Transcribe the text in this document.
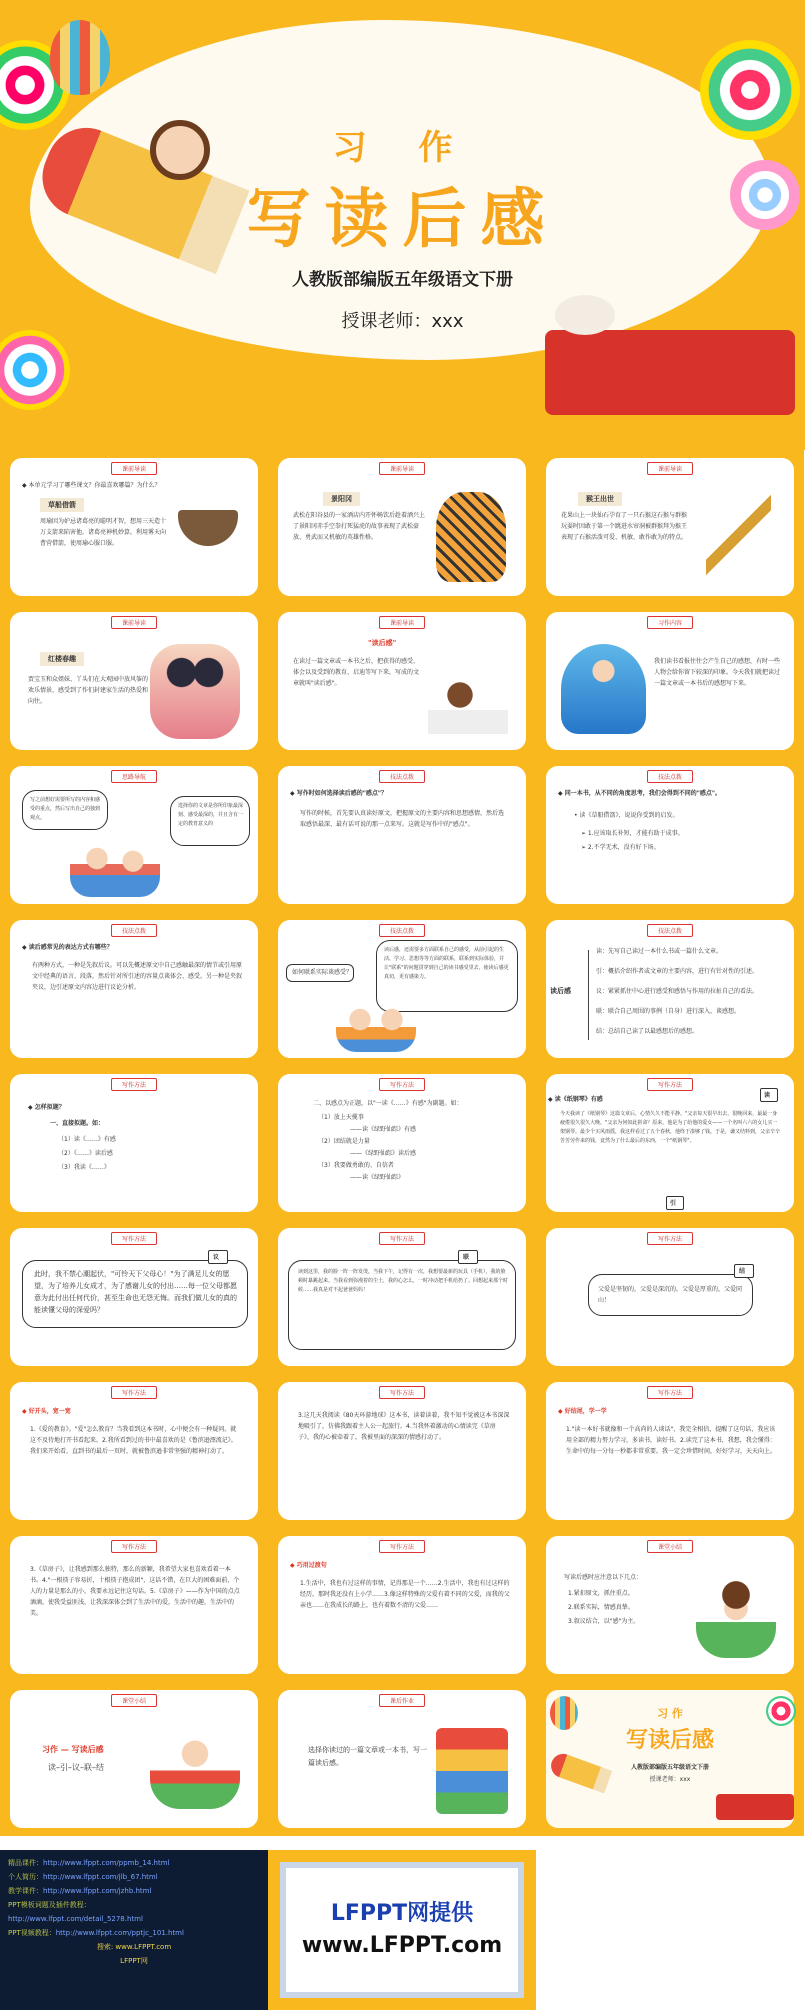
习 作
写读后感
人教版部编版五年级语文下册
授课老师：xxx
课前导读
◆ 本单元学习了哪些课文？你最喜欢哪篇？为什么？
草船借箭
周瑜因为妒忌诸葛亮的聪明才智，想用三天造十万支箭来陷害他。诸葛亮神机妙算，利用雾天向曹营借箭，使周瑜心服口服。
课前导读
景阳冈
武松在阳谷县的一家酒店内开怀畅饮后趁着酒兴上了景阳冈赤手空拳打死猛虎的故事表现了武松豪放、勇武而又机敏的英雄性格。
课前导读
猴王出世
花果山上一块仙石孕育了一只石猴这石猴与群猴玩耍时因敢于第一个跳进水帘洞被群猴拜为猴王表现了石猴活泼可爱、机敏、敢作敢为的特点。
课前导读
红楼春趣
贾宝玉和众姐妹、丫头们在大观园中放风筝的欢乐情景，感受到了作们封建家生活的热爱和向往。
课前导读
"读后感"
在读过一篇文章或一本书之后，把获得的感受、体会以及受到的教育、启迪等写下来，写成的文章就叫"读后感"。
习作内容
我们读书看报往往会产生自己的感想，有时一些人物会给你留下较深的印象。今天我们就把读过一篇文章或一本书后的感想写下来。
思路导航
写之前想好需要所写的内容和感受的重点，然后写出自己的独到观点。
选择你的文章是你所印象最深刻、感受最深的，并且含有一定的教育意义的
技法点拨
◆ 写作时如何选择读后感的"感点"？
写作的时候，首先要认真读好原文，把握原文的主要内容和思想感情，然后选取感悟最深、最有话可说的那一点来写。这就是写作中的"感点"。
技法点拨
◆ 同一本书，从不同的角度思考，我们会得到不同的"感点"。
• 读《草船借箭》，说说你受到的启发。
➢ 1.应该取长补短，才能有助于成事。
➢ 2.不学无术，没有好下场。
技法点拨
◆ 读后感常见的表达方式有哪些？
有两种方式，一种是先叙后议。可以先概述原文中自己感触最深的情节或引用原文中经典的语言、段落，然后针对所引述的容量点谈体会、感受。另一种是夹叙夹议，边引述原文内容边进行议论分析。
技法点拨
如何联系实际谈感受？
读后感，还需要多方面联系自己的感受，从前引起的生活、学习、思想等等方面的联系，联系到实际体验，并让"联系"的问题贯穿到自己的读书感受里去，使读后感更真切，更有感染力。
技法点拨
读后感
读：先写自己读过一本什么书或一篇什么文章。
引：概括介绍作者或文章的主要内容，进行有针对性的引述。
议：紧紧抓住中心进行感受和感悟与作用的拉扯自己的看法。
联：联合自己周围的事例（自身）进行深入、谈感想。
结：总结自己读了以最感想后的感想。
写作方法
◆ 怎样拟题？
一、直接拟题。如：
（1）读《……》有感
（2）《……》读后感
（3）我读《……》
写作方法
二、以感点为正题，以"一读《……》有感"为副题。如：
（1）放上天揽事
——读《绿野仙踪》有感
（2）团结就是力量
——《绿野仙踪》读后感
（3）我要做勇敢的、自信者
——读《绿野仙踪》
写作方法
◆ 读《纸钢琴》有感
读
今天我读了《纸钢琴》这篇文章后，心情久久不能平静。"父亲每天很早出去，很晚回来，最最一身疲倦很久很久大晚。"父亲为何如此拼命？原来，他是为了给他的爱女——一个名叫六六的女儿买一架钢琴。最少个买风雨摇，我这样看过了五个春秋，他终于凑够了钱。于是，谦又结料到，父亲辛辛苦苦劳作来的钱，竟然为了什么最后的东西，一个"纸钢琴"。
引
写作方法
议
此时，我不禁心潮起伏，"可怜天下父母心！"为了满足儿女的愿望，为了培养儿女成才，为了感谢儿女的付出……每一位父母都愿意为此付出任何代价，甚至生命也无怨无悔。而我们做儿女的真的能读懂父母的深爱吗？
写作方法
联
读到这里，我的脸一阵一阵发烫，当我下午，记得有一次，我想要最新的玩具（手机），我的脸顿时暴跳起来。当我看到弥漫着的尘土，我的心怎么，一时冲动把手机给扔了。回想起来那个时候……我真是对不起爸爸妈妈！
写作方法
结
父爱是坚韧的，父爱是深沉的。父爱是厚重的，父爱同山！
写作方法
◆ 好开头，宽一宽
1.《爱的教育》。"爱"怎么教育？当我看到这本书时，心中便会有一种疑问。就这不及待地打开书看起来。2.我所看到过的书中最喜欢的是《鲁滨逊漂流记》。我们来开始看，直到书的最后一页时，就被鲁滨逊非常坚强的精神打动了。
写作方法
3.这几天我阅读《80天环游地球》这本书，读着读着，我不知不觉被这本书深深地吸引了，仿佛我跟着主人公一起旅行。4.当我怀着激动的心情读完《草房子》，我的心被牵着了，我被里面的深深的情感打动了。
写作方法
◆ 好结尾，学一学
1."读一本好书就像和一个高尚的人谈话"，我完全相信，提醒了这句话，我应该用全部的精力努力学习，多读书，读好书。2.读完了这本书，我想，我会懂得：生命中的每一分每一秒都非常重要。我一定会珍惜时间，好好学习，天天向上。
写作方法
3.《草房子》，让我感到那么独特，那么的新颖，我希望大家也喜欢看着一本书。4."一根筷子容易折，十根筷子抱成团"，这话不错，在巨大的困难面前，个人的力量是那么的小，我要永远记住这句话。5.《草房子》——作为中国的点点滴滴，使我受益匪浅，让我深深体会到了生活中的爱，生活中的趣，生活中的美。
写作方法
◆ 巧用过渡句
1.生活中，我也有过这样的事情，记得那是一个……2.生活中，我也有过这样的经历，那时我还没有上小学……3.像这样特殊的父爱有着不同的父爱，而我的父亲也……在我成长的路上，也有着数不清的父爱……
课堂小结
写读后感时应注意以下几点：
1.紧扣原文，抓住重点。
2.联系实际，情感真挚。
3.叙议结合，以"感"为主。
课堂小结
习作 — 写读后感
读–引–议–联–结
课后作业
选择你读过的一篇文章或一本书，写一篇读后感。
习 作
写读后感
人教版部编版五年级语文下册
授课老师：xxx

精品课件：http://www.lfppt.com/ppmb_14.html

个人简历：http://www.lfppt.com/jlb_67.html

教学课件：http://www.lfppt.com/jzhb.html

PPT模板词题及插件教程：

http://www.lfppt.com/detail_5278.html

PPT视频教程：http://www.lfppt.com/pptjc_101.html

搜索: www.LFPPT.com

LFPPT网

LFPPT网提供
www.LFPPT.com
